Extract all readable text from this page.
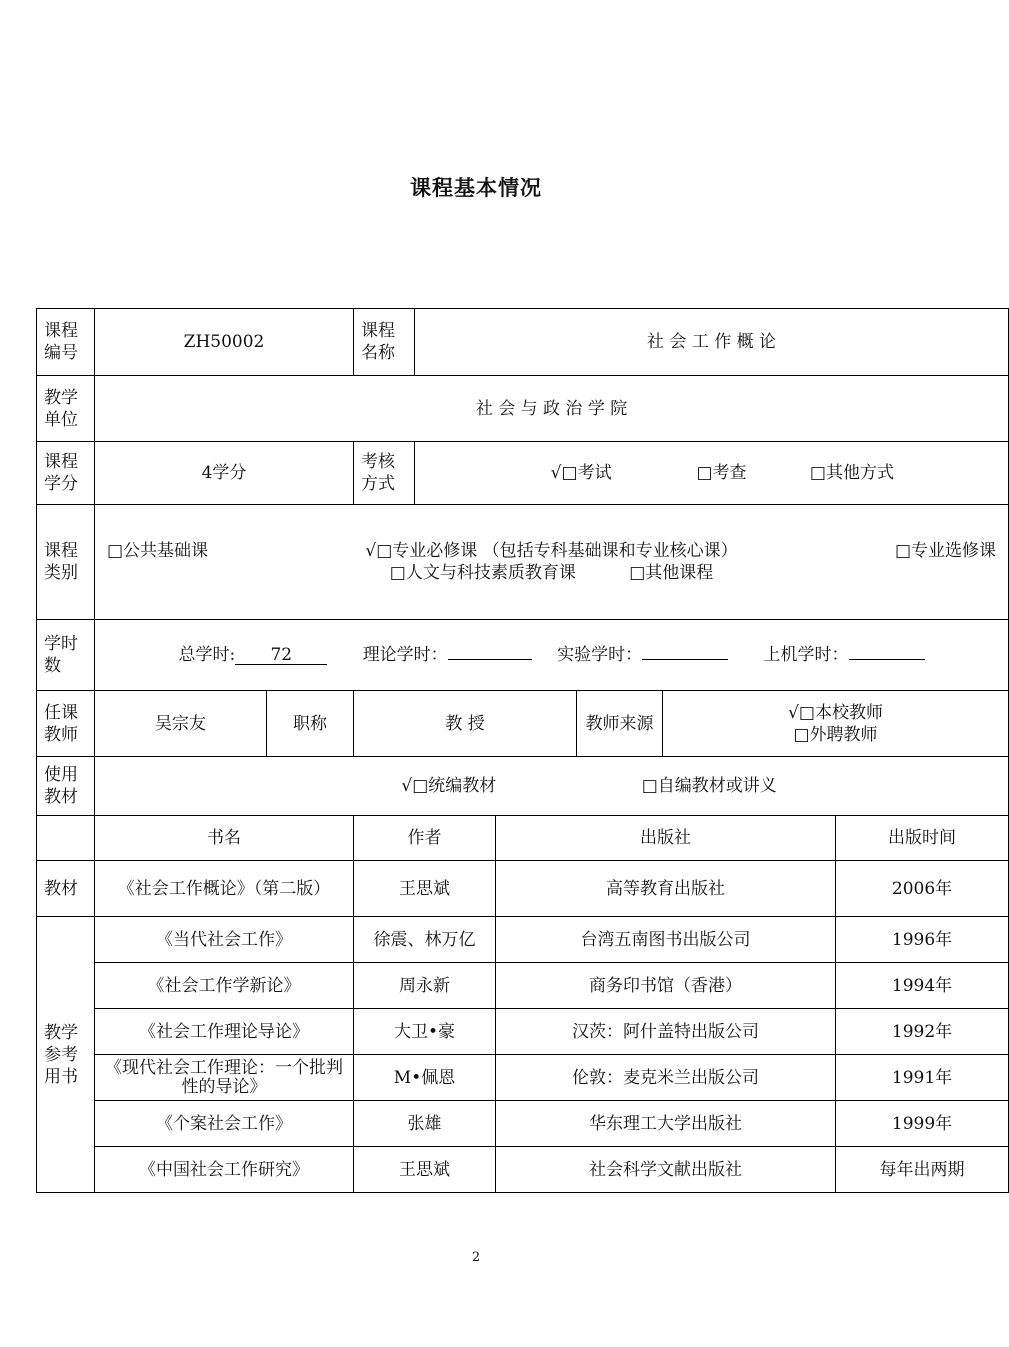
课程基本情况
课程编号	ZH50002		课程名称	社 会 工 作 概 论				
教学单位	社 会 与 政 治 学 院							
课程学分	4学分		考核方式	√□考试 □考查 □其他方式				
课程类别	□公共基础课 √□专业必修课 （包括专科基础课和专业核心课） □专业选修课
□人文与科技素质教育课 □其他课程							

学时数	总学时: 72 理论学时： 实验学时： 上机学时：							
任课教师	吴宗友	职称	教 授			教师来源	√□本校教师
□外聘教师	

使用教材	√□统编教材 □自编教材或讲义							
	书名		作者		出版社			出版时间
教材	《社会工作概论》（第二版）		王思斌		高等教育出版社			2006年
教学参考用书	《当代社会工作》		徐震、林万亿		台湾五南图书出版公司			1996年
	《社会工作学新论》		周永新		商务印书馆（香港）			1994年
	《社会工作理论导论》		大卫•豪		汉茨：阿什盖特出版公司			1992年
	《现代社会工作理论：一个批判性的导论》		M•佩恩		伦敦：麦克米兰出版公司			1991年
	《个案社会工作》		张雄		华东理工大学出版社			1999年
	《中国社会工作研究》		王思斌		社会科学文献出版社			每年出两期
2
